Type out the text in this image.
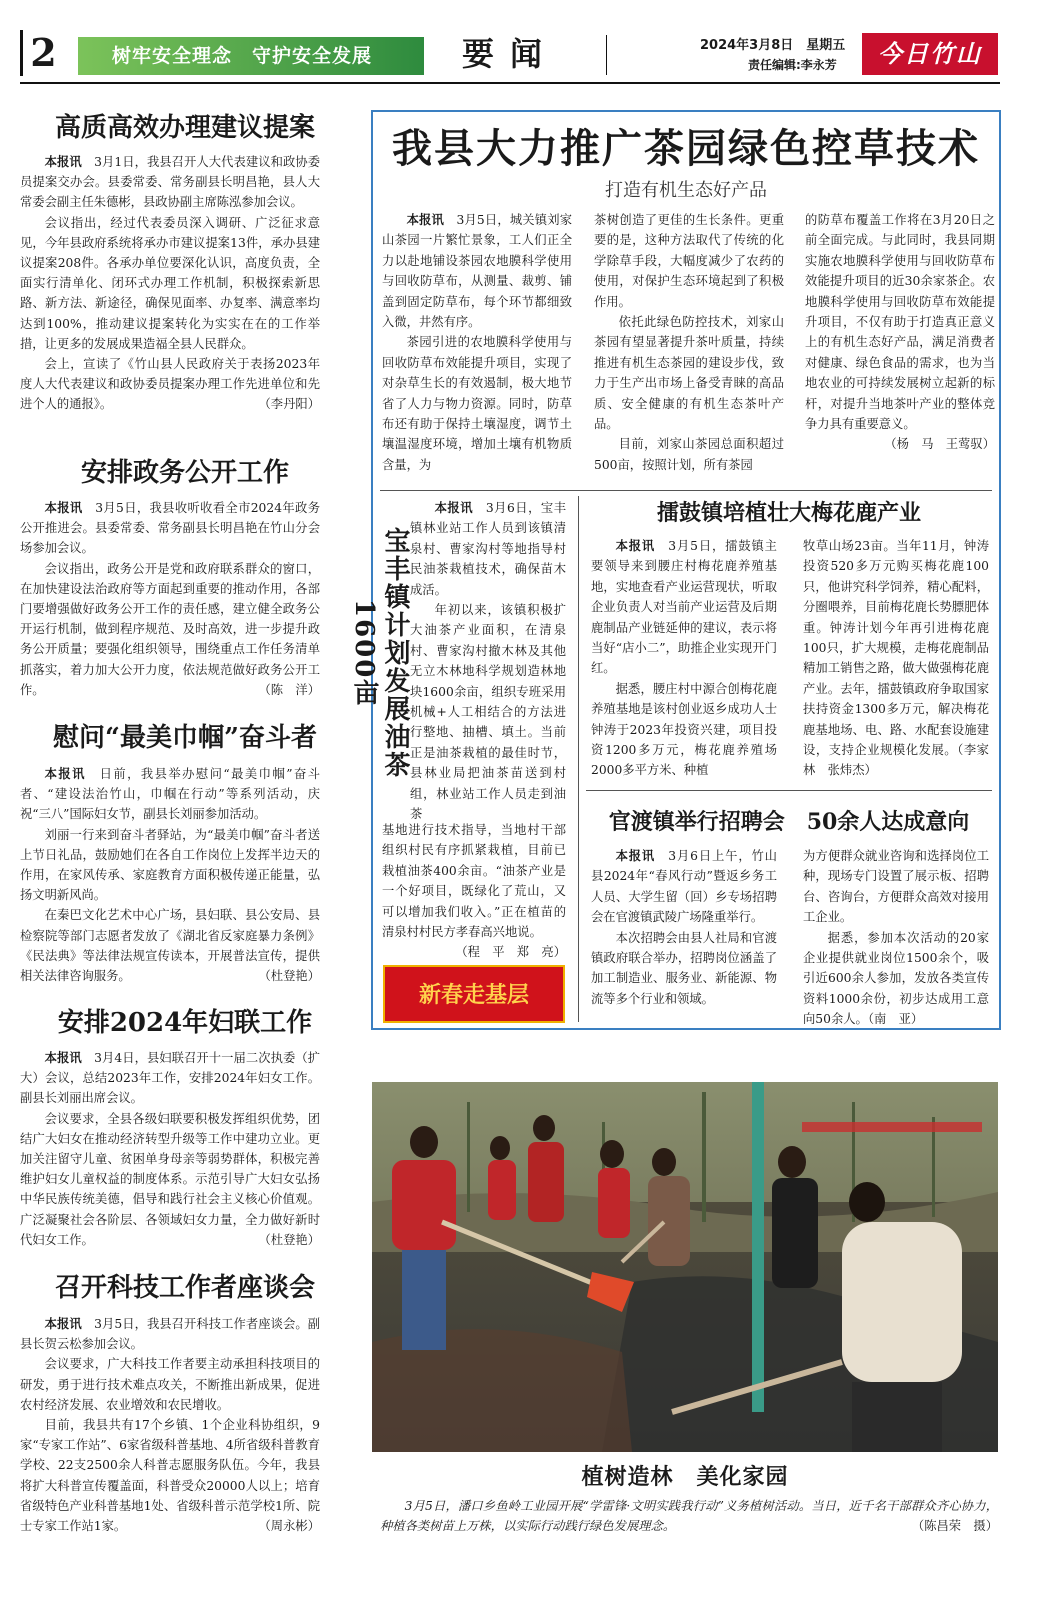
2	树牢安全理念　守护安全发展	要闻	2024年3月8日　星期五
责任编辑:李永芳	今日竹山
高质高效办理建议提案

本报讯　3月1日，我县召开人大代表建议和政协委员提案交办会。县委常委、常务副县长明昌艳，县人大常委会副主任朱德彬，县政协副主席陈泓参加会议。

会议指出，经过代表委员深入调研、广泛征求意见，今年县政府系统将承办市建议提案13件，承办县建议提案208件。各承办单位要深化认识，高度负责，全面实行清单化、闭环式办理工作机制，积极探索新思路、新方法、新途径，确保见面率、办复率、满意率均达到100%，推动建议提案转化为实实在在的工作举措，让更多的发展成果造福全县人民群众。

会上，宣读了《竹山县人民政府关于表扬2023年度人大代表建议和政协委员提案办理工作先进单位和先进个人的通报》。	（李丹阳）

安排政务公开工作

本报讯　3月5日，我县收听收看全市2024年政务公开推进会。县委常委、常务副县长明昌艳在竹山分会场参加会议。

会议指出，政务公开是党和政府联系群众的窗口，在加快建设法治政府等方面起到重要的推动作用，各部门要增强做好政务公开工作的责任感，建立健全政务公开运行机制，做到程序规范、及时高效，进一步提升政务公开质量；要强化组织领导，围绕重点工作任务清单抓落实，着力加大公开力度，依法规范做好政务公开工作。	（陈　洋）

慰问“最美巾帼”奋斗者

本报讯　日前，我县举办慰问“最美巾帼”奋斗者、“建设法治竹山，巾帼在行动”等系列活动，庆祝“三八”国际妇女节，副县长刘丽参加活动。

刘丽一行来到奋斗者驿站，为“最美巾帼”奋斗者送上节日礼品，鼓励她们在各自工作岗位上发挥半边天的作用，在家风传承、家庭教育方面积极传递正能量，弘扬文明新风尚。

在秦巴文化艺术中心广场，县妇联、县公安局、县检察院等部门志愿者发放了《湖北省反家庭暴力条例》《民法典》等法律法规宣传读本，开展普法宣传，提供相关法律咨询服务。	（杜登艳）

安排2024年妇联工作

本报讯　3月4日，县妇联召开十一届二次执委（扩大）会议，总结2023年工作，安排2024年妇女工作。副县长刘丽出席会议。

会议要求，全县各级妇联要积极发挥组织优势，团结广大妇女在推动经济转型升级等工作中建功立业。更加关注留守儿童、贫困单身母亲等弱势群体，积极完善维护妇女儿童权益的制度体系。示范引导广大妇女弘扬中华民族传统美德，倡导和践行社会主义核心价值观。广泛凝聚社会各阶层、各领域妇女力量，全力做好新时代妇女工作。	（杜登艳）

召开科技工作者座谈会

本报讯　3月5日，我县召开科技工作者座谈会。副县长贺云松参加会议。

会议要求，广大科技工作者要主动承担科技项目的研发，勇于进行技术难点攻关，不断推出新成果，促进农村经济发展、农业增效和农民增收。

目前，我县共有17个乡镇、1个企业科协组织，9家“专家工作站”、6家省级科普基地、4所省级科普教育学校、22支2500余人科普志愿服务队伍。今年，我县将扩大科普宣传覆盖面，科普受众20000人以上；培育省级特色产业科普基地1处、省级科普示范学校1所、院士专家工作站1家。	（周永彬）

我县大力推广茶园绿色控草技术
打造有机生态好产品

本报讯　3月5日，城关镇刘家山茶园一片繁忙景象，工人们正全力以赴地铺设茶园农地膜科学使用与回收防草布，从测量、裁剪、铺盖到固定防草布，每个环节都细致入微，井然有序。

茶园引进的农地膜科学使用与回收防草布效能提升项目，实现了对杂草生长的有效遏制，极大地节省了人力与物力资源。同时，防草布还有助于保持土壤湿度，调节土壤温湿度环境，增加土壤有机物质含量，为

茶树创造了更佳的生长条件。更重要的是，这种方法取代了传统的化学除草手段，大幅度减少了农药的使用，对保护生态环境起到了积极作用。

依托此绿色防控技术，刘家山茶园有望显著提升茶叶质量，持续推进有机生态茶园的建设步伐，致力于生产出市场上备受青睐的高品质、安全健康的有机生态茶叶产品。

目前，刘家山茶园总面积超过500亩，按照计划，所有茶园

的防草布覆盖工作将在3月20日之前全面完成。与此同时，我县同期实施农地膜科学使用与回收防草布效能提升项目的近30余家茶企。农地膜科学使用与回收防草布效能提升项目，不仅有助于打造真正意义上的有机生态好产品，满足消费者对健康、绿色食品的需求，也为当地农业的可持续发展树立起新的标杆，对提升当地茶叶产业的整体竞争力具有重要意义。

（杨　马　王莺驭）

宝丰镇计划发展油茶1600亩

本报讯　3月6日，宝丰镇林业站工作人员到该镇清泉村、曹家沟村等地指导村民油茶栽植技术，确保苗木成活。

年初以来，该镇积极扩大油茶产业面积，在清泉村、曹家沟村撤木林及其他无立木林地科学规划造林地块1600余亩，组织专班采用机械+人工相结合的方法进行整地、抽槽、填土。当前正是油茶栽植的最佳时节，县林业局把油茶苗送到村组，林业站工作人员走到油茶

基地进行技术指导，当地村干部组织村民有序抓紧栽植，目前已栽植油茶400余亩。“油茶产业是一个好项目，既绿化了荒山，又可以增加我们收入。”正在植苗的清泉村村民方孝春高兴地说。
（程　平　郑　亮）

新春走基层
擂鼓镇培植壮大梅花鹿产业

本报讯　3月5日，擂鼓镇主要领导来到腰庄村梅花鹿养殖基地，实地查看产业运营现状，听取企业负责人对当前产业运营及后期鹿制品产业链延伸的建议，表示将当好“店小二”，助推企业实现开门红。

据悉，腰庄村中源合创梅花鹿养殖基地是该村创业返乡成功人士钟涛于2023年投资兴建，项目投资1200多万元，梅花鹿养殖场2000多平方米、种植

牧草山场23亩。当年11月，钟涛投资520多万元购买梅花鹿100只，他讲究科学饲养，精心配料，分圈喂养，目前梅花鹿长势膘肥体重。钟涛计划今年再引进梅花鹿100只，扩大规模，走梅花鹿制品精加工销售之路，做大做强梅花鹿产业。去年，擂鼓镇政府争取国家扶持资金1300多万元，解决梅花鹿基地场、电、路、水配套设施建设，支持企业规模化发展。（李家林　张炜杰）

官渡镇举行招聘会　50余人达成意向

本报讯　3月6日上午，竹山县2024年“春风行动”暨返乡务工人员、大学生留（回）乡专场招聘会在官渡镇武陵广场隆重举行。

本次招聘会由县人社局和官渡镇政府联合举办，招聘岗位涵盖了加工制造业、服务业、新能源、物流等多个行业和领域。

为方便群众就业咨询和选择岗位工种，现场专门设置了展示板、招聘台、咨询台，方便群众高效对接用工企业。

据悉，参加本次活动的20家企业提供就业岗位1500余个，吸引近600余人参加，发放各类宣传资料1000余份，初步达成用工意向50余人。（南　亚）

植树造林　美化家园
3月5日，潘口乡鱼岭工业园开展“学雷锋·文明实践我行动”义务植树活动。当日，近千名干部群众齐心协力，种植各类树苗上万株，以实际行动践行绿色发展理念。	（陈昌荣　摄）
